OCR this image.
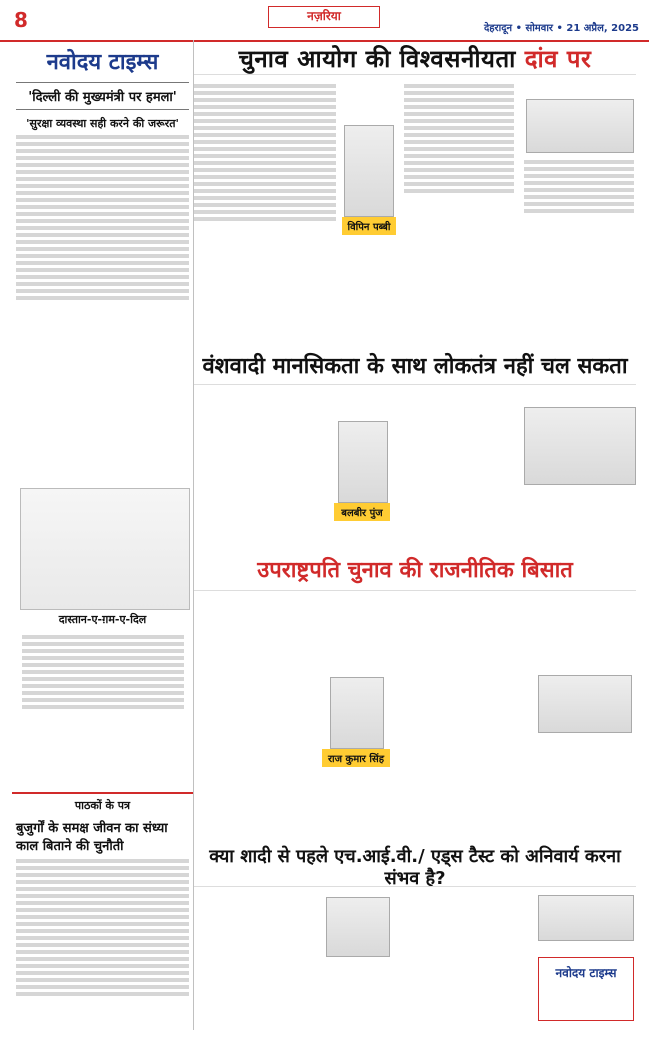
8	नज़रिया
देहरादून • सोमवार • 21 अप्रैल, 2025
नवोदय टाइम्स
'दिल्ली की मुख्यमंत्री पर हमला'
'सुरक्षा व्यवस्था सही करने की जरूरत'
दास्तान-ए-ग़म-ए-दिल
पाठकों के पत्र
बुजुर्गों के समक्ष जीवन का संध्या काल बिताने की चुनौती
चुनाव आयोग की विश्वसनीयता दांव पर
विपिन पब्बी
वंशवादी मानसिकता के साथ लोकतंत्र नहीं चल सकता
बलबीर पुंज
उपराष्ट्रपति चुनाव की राजनीतिक बिसात
राज कुमार सिंह
क्या शादी से पहले एच.आई.वी./ एड्स टैस्ट को अनिवार्य करना संभव है?
नवोदय टाइम्स
